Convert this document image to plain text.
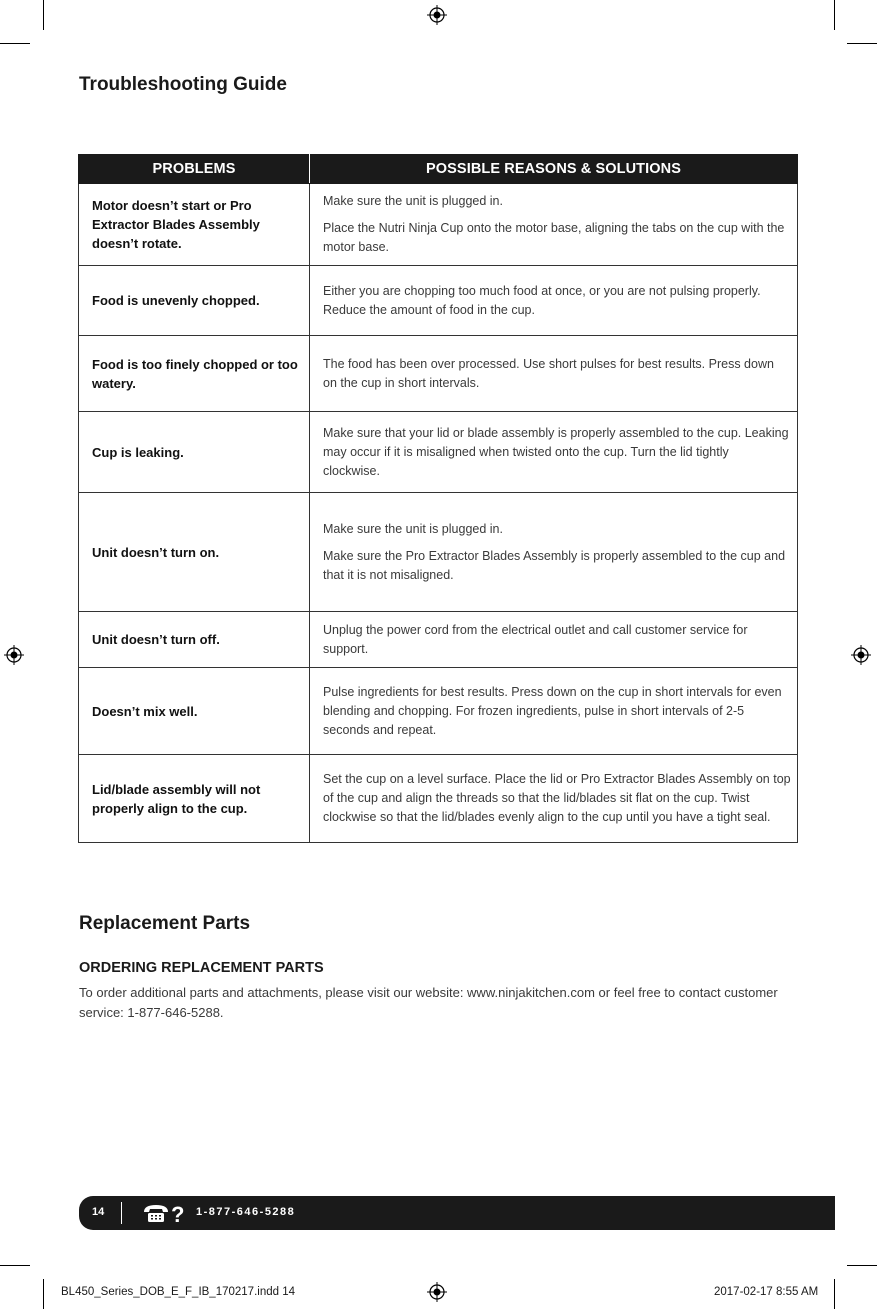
Troubleshooting Guide
PROBLEMS	POSSIBLE REASONS & SOLUTIONS
Motor doesn’t start or Pro Extractor Blades Assembly doesn’t rotate.	Make sure the unit is plugged in.

Place the Nutri Ninja Cup onto the motor base, aligning the tabs on the cup with the motor base.

Food is unevenly chopped.	Either you are chopping too much food at once, or you are not pulsing properly. Reduce the amount of food in the cup.

Food is too finely chopped or too watery.	The food has been over processed. Use short pulses for best results. Press down on the cup in short intervals.

Cup is leaking.	Make sure that your lid or blade assembly is properly assembled to the cup. Leaking may occur if it is misaligned when twisted onto the cup. Turn the lid tightly clockwise.

Unit doesn’t turn on.	Make sure the unit is plugged in.

Make sure the Pro Extractor Blades Assembly is properly assembled to the cup and that it is not misaligned.

Unit doesn’t turn off.	Unplug the power cord from the electrical outlet and call customer service for support.

Doesn’t mix well.	Pulse ingredients for best results. Press down on the cup in short intervals for even blending and chopping. For frozen ingredients, pulse in short intervals of 2-5 seconds and repeat.

Lid/blade assembly will not properly align to the cup.	Set the cup on a level surface. Place the lid or Pro Extractor Blades Assembly on top of the cup and align the threads so that the lid/blades sit flat on the cup. Twist clockwise so that the lid/blades evenly align to the cup until you have a tight seal.

Replacement Parts
ORDERING REPLACEMENT PARTS

To order additional parts and attachments, please visit our website: www.ninjakitchen.com or feel free to contact customer service: 1-877-646-5288.

14	? 1-877-646-5288
BL450_Series_DOB_E_F_IB_170217.indd 14	2017-02-17 8:55 AM
